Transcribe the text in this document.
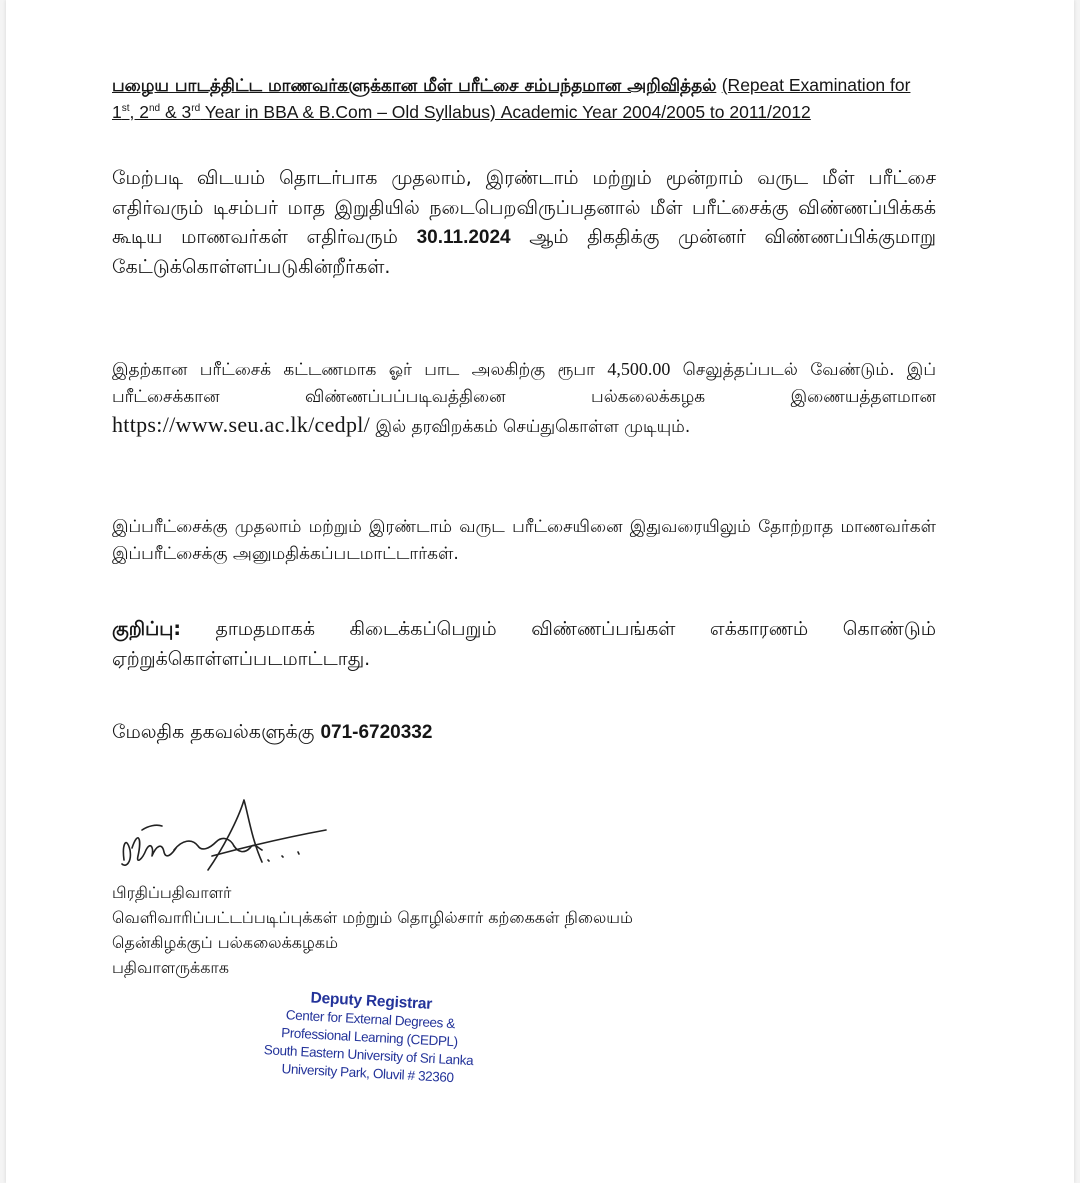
பழைய பாடத்திட்ட மாணவர்களுக்கான மீள் பரீட்சை சம்பந்தமான அறிவித்தல் (Repeat Examination for 1st, 2nd & 3rd Year in BBA & B.Com – Old Syllabus) Academic Year 2004/2005 to 2011/2012
மேற்படி விடயம் தொடர்பாக முதலாம், இரண்டாம் மற்றும் மூன்றாம் வருட மீள் பரீட்சை எதிர்வரும் டிசம்பர் மாத இறுதியில் நடைபெறவிருப்பதனால் மீள் பரீட்சைக்கு விண்ணப்பிக்கக் கூடிய மாணவர்கள் எதிர்வரும் 30.11.2024 ஆம் திகதிக்கு முன்னர் விண்ணப்பிக்குமாறு கேட்டுக்கொள்ளப்படுகின்றீர்கள்.
இதற்கான பரீட்சைக் கட்டணமாக ஓர் பாட அலகிற்கு ரூபா 4,500.00 செலுத்தப்படல் வேண்டும். இப் பரீட்சைக்கான விண்ணப்பப்படிவத்தினை பல்கலைக்கழக இணையத்தளமான https://www.seu.ac.lk/cedpl/ இல் தரவிறக்கம் செய்துகொள்ள முடியும்.
இப்பரீட்சைக்கு முதலாம் மற்றும் இரண்டாம் வருட பரீட்சையினை இதுவரையிலும் தோற்றாத மாணவர்கள் இப்பரீட்சைக்கு அனுமதிக்கப்படமாட்டார்கள்.
குறிப்பு: தாமதமாகக் கிடைக்கப்பெறும் விண்ணப்பங்கள் எக்காரணம் கொண்டும் ஏற்றுக்கொள்ளப்படமாட்டாது.
மேலதிக தகவல்களுக்கு 071-6720332
பிரதிப்பதிவாளர்
வெளிவாரிப்பட்டப்படிப்புக்கள் மற்றும் தொழில்சார் கற்கைகள் நிலையம்
தென்கிழக்குப் பல்கலைக்கழகம்
பதிவாளருக்காக
Deputy Registrar
Center for External Degrees &
Professional Learning (CEDPL)
South Eastern University of Sri Lanka
University Park, Oluvil # 32360
